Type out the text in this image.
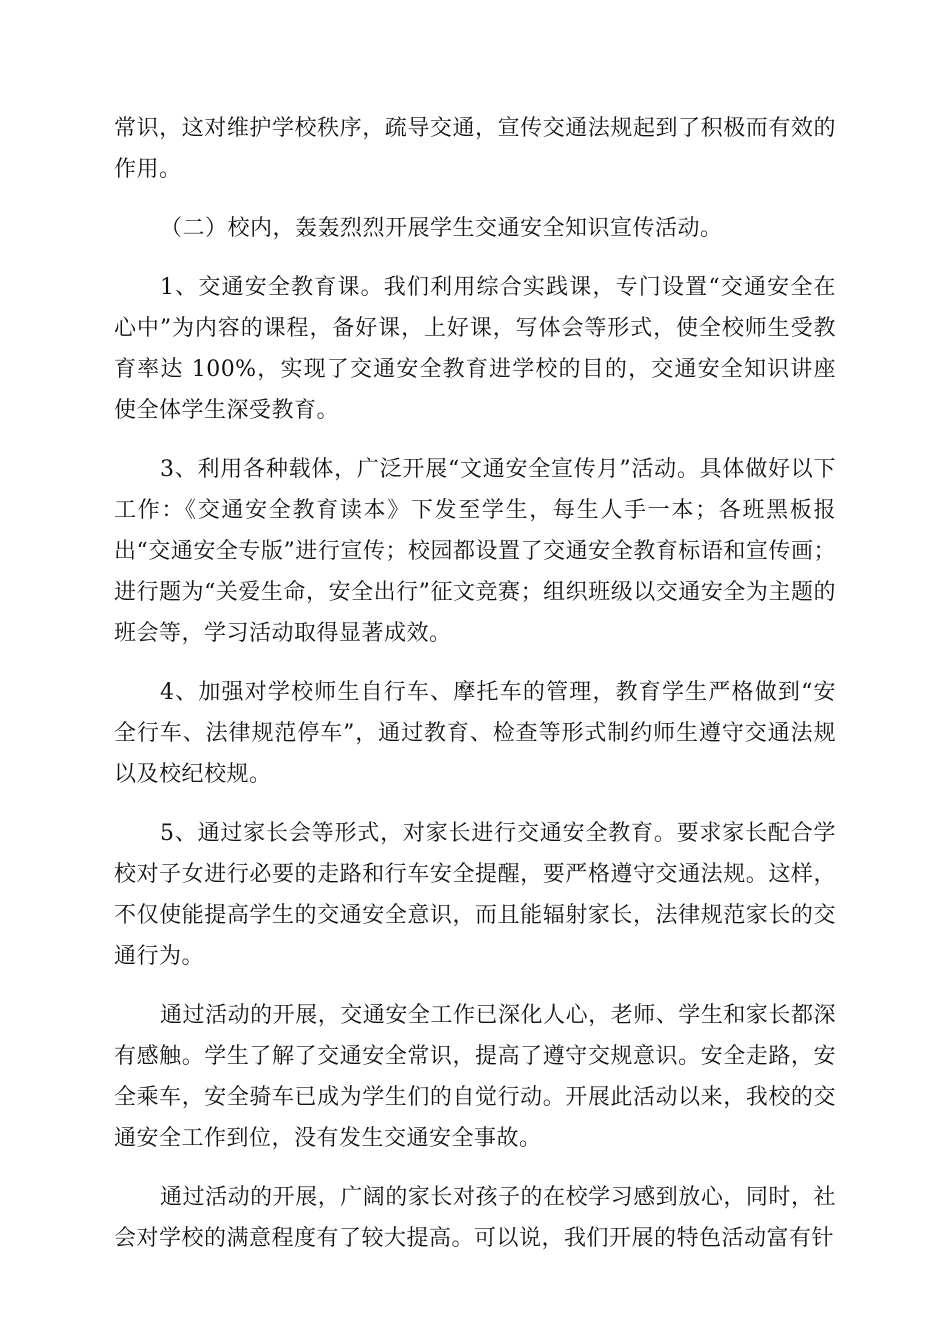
常识，这对维护学校秩序，疏导交通，宣传交通法规起到了积极而有效的作用。

（二）校内，轰轰烈烈开展学生交通安全知识宣传活动。

1、交通安全教育课。我们利用综合实践课，专门设置“交通安全在心中”为内容的课程，备好课，上好课，写体会等形式，使全校师生受教育率达 100%，实现了交通安全教育进学校的目的，交通安全知识讲座使全体学生深受教育。

3、利用各种载体，广泛开展“文通安全宣传月”活动。具体做好以下工作：《交通安全教育读本》下发至学生，每生人手一本；各班黑板报出“交通安全专版”进行宣传；校园都设置了交通安全教育标语和宣传画；进行题为“关爱生命，安全出行”征文竞赛；组织班级以交通安全为主题的班会等，学习活动取得显著成效。

4、加强对学校师生自行车、摩托车的管理，教育学生严格做到“安全行车、法律规范停车”，通过教育、检查等形式制约师生遵守交通法规以及校纪校规。

5、通过家长会等形式，对家长进行交通安全教育。要求家长配合学校对子女进行必要的走路和行车安全提醒，要严格遵守交通法规。这样，不仅使能提高学生的交通安全意识，而且能辐射家长，法律规范家长的交通行为。

通过活动的开展，交通安全工作已深化人心，老师、学生和家长都深有感触。学生了解了交通安全常识，提高了遵守交规意识。安全走路，安全乘车，安全骑车已成为学生们的自觉行动。开展此活动以来，我校的交通安全工作到位，没有发生交通安全事故。

通过活动的开展，广阔的家长对孩子的在校学习感到放心，同时，社会对学校的满意程度有了较大提高。可以说，我们开展的特色活动富有针
